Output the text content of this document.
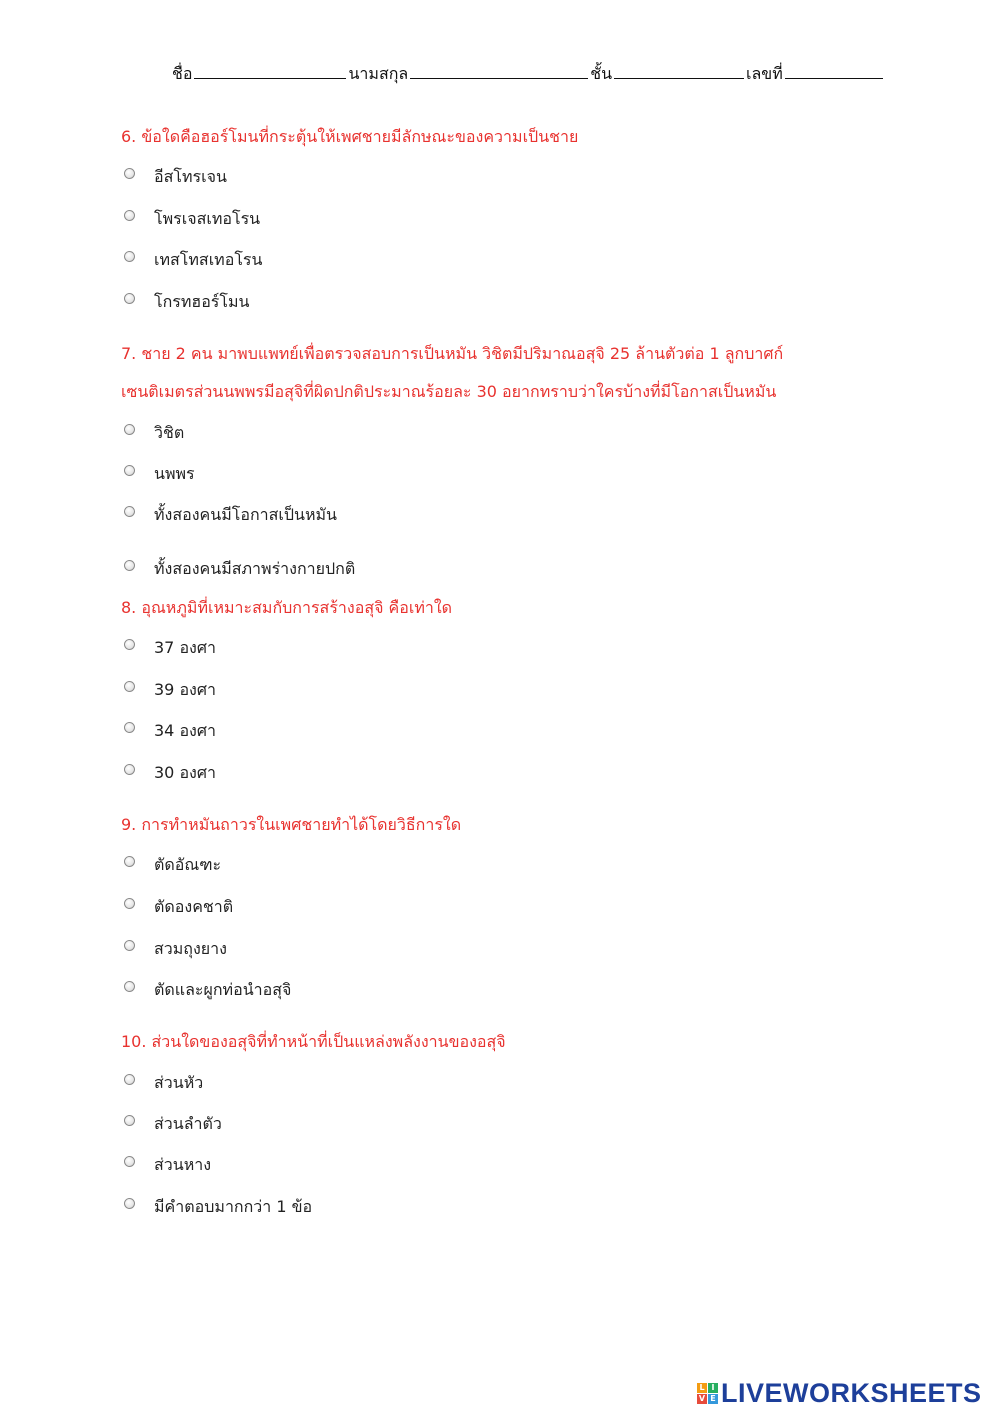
ชื่อ	นามสกุล	ชั้น	เลขที่
6. ข้อใดคือฮอร์โมนที่กระตุ้นให้เพศชายมีลักษณะของความเป็นชาย
อีสโทรเจน
โพรเจสเทอโรน
เทสโทสเทอโรน
โกรทฮอร์โมน
7. ชาย 2 คน มาพบแพทย์เพื่อตรวจสอบการเป็นหมัน วิชิตมีปริมาณอสุจิ 25 ล้านตัวต่อ 1 ลูกบาศก์
เซนติเมตรส่วนนพพรมีอสุจิที่ผิดปกติประมาณร้อยละ 30 อยากทราบว่าใครบ้างที่มีโอกาสเป็นหมัน
วิชิต
นพพร
ทั้งสองคนมีโอกาสเป็นหมัน
ทั้งสองคนมีสภาพร่างกายปกติ
8. อุณหภูมิที่เหมาะสมกับการสร้างอสุจิ คือเท่าใด
37 องศา
39 องศา
34 องศา
30 องศา
9. การทำหมันถาวรในเพศชายทำได้โดยวิธีการใด
ตัดอัณฑะ
ตัดองคชาติ
สวมถุงยาง
ตัดและผูกท่อนำอสุจิ
10. ส่วนใดของอสุจิที่ทำหน้าที่เป็นแหล่งพลังงานของอสุจิ
ส่วนหัว
ส่วนลำตัว
ส่วนหาง
มีคำตอบมากกว่า 1 ข้อ
L I
V E LIVEWORKSHEETS
